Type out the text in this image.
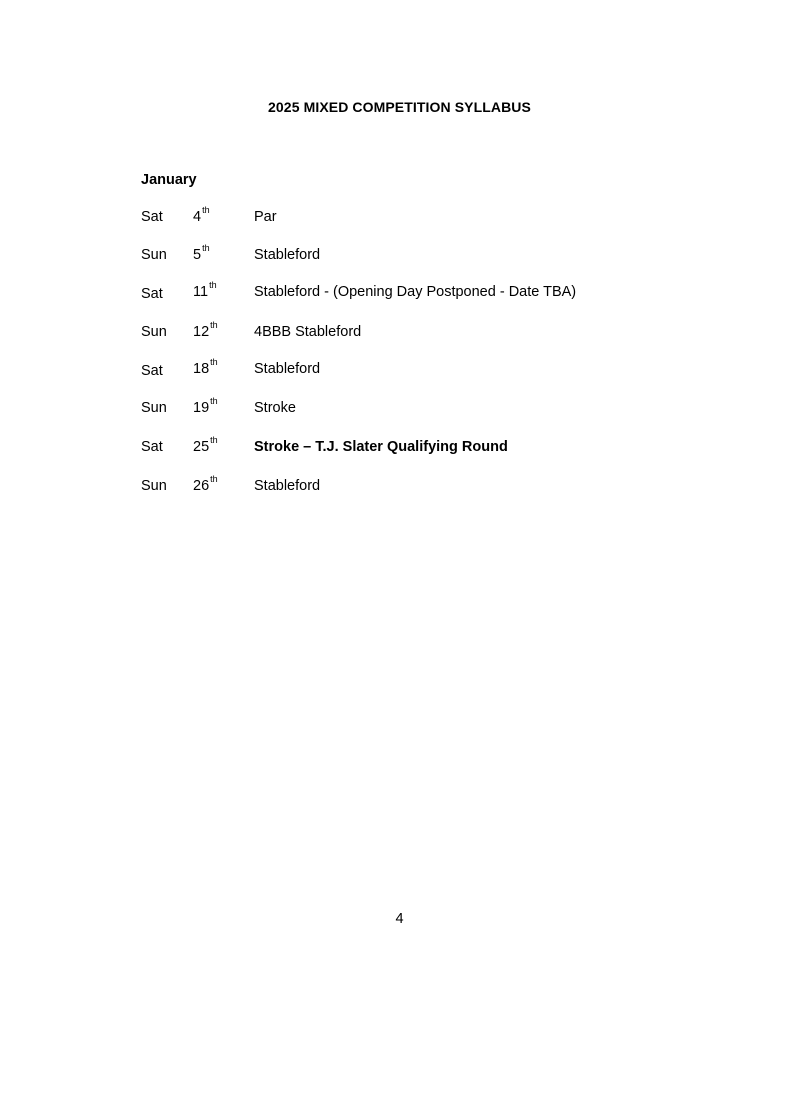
2025 MIXED COMPETITION SYLLABUS
January
Sat 4th	Par
Sun 5th	Stableford
Sat 11th	Stableford - (Opening Day Postponed - Date TBA)
Sun 12th	4BBB Stableford
Sat 18th	Stableford
Sun 19th	Stroke
Sat 25th	Stroke – T.J. Slater Qualifying Round
Sun 26th	Stableford
4
